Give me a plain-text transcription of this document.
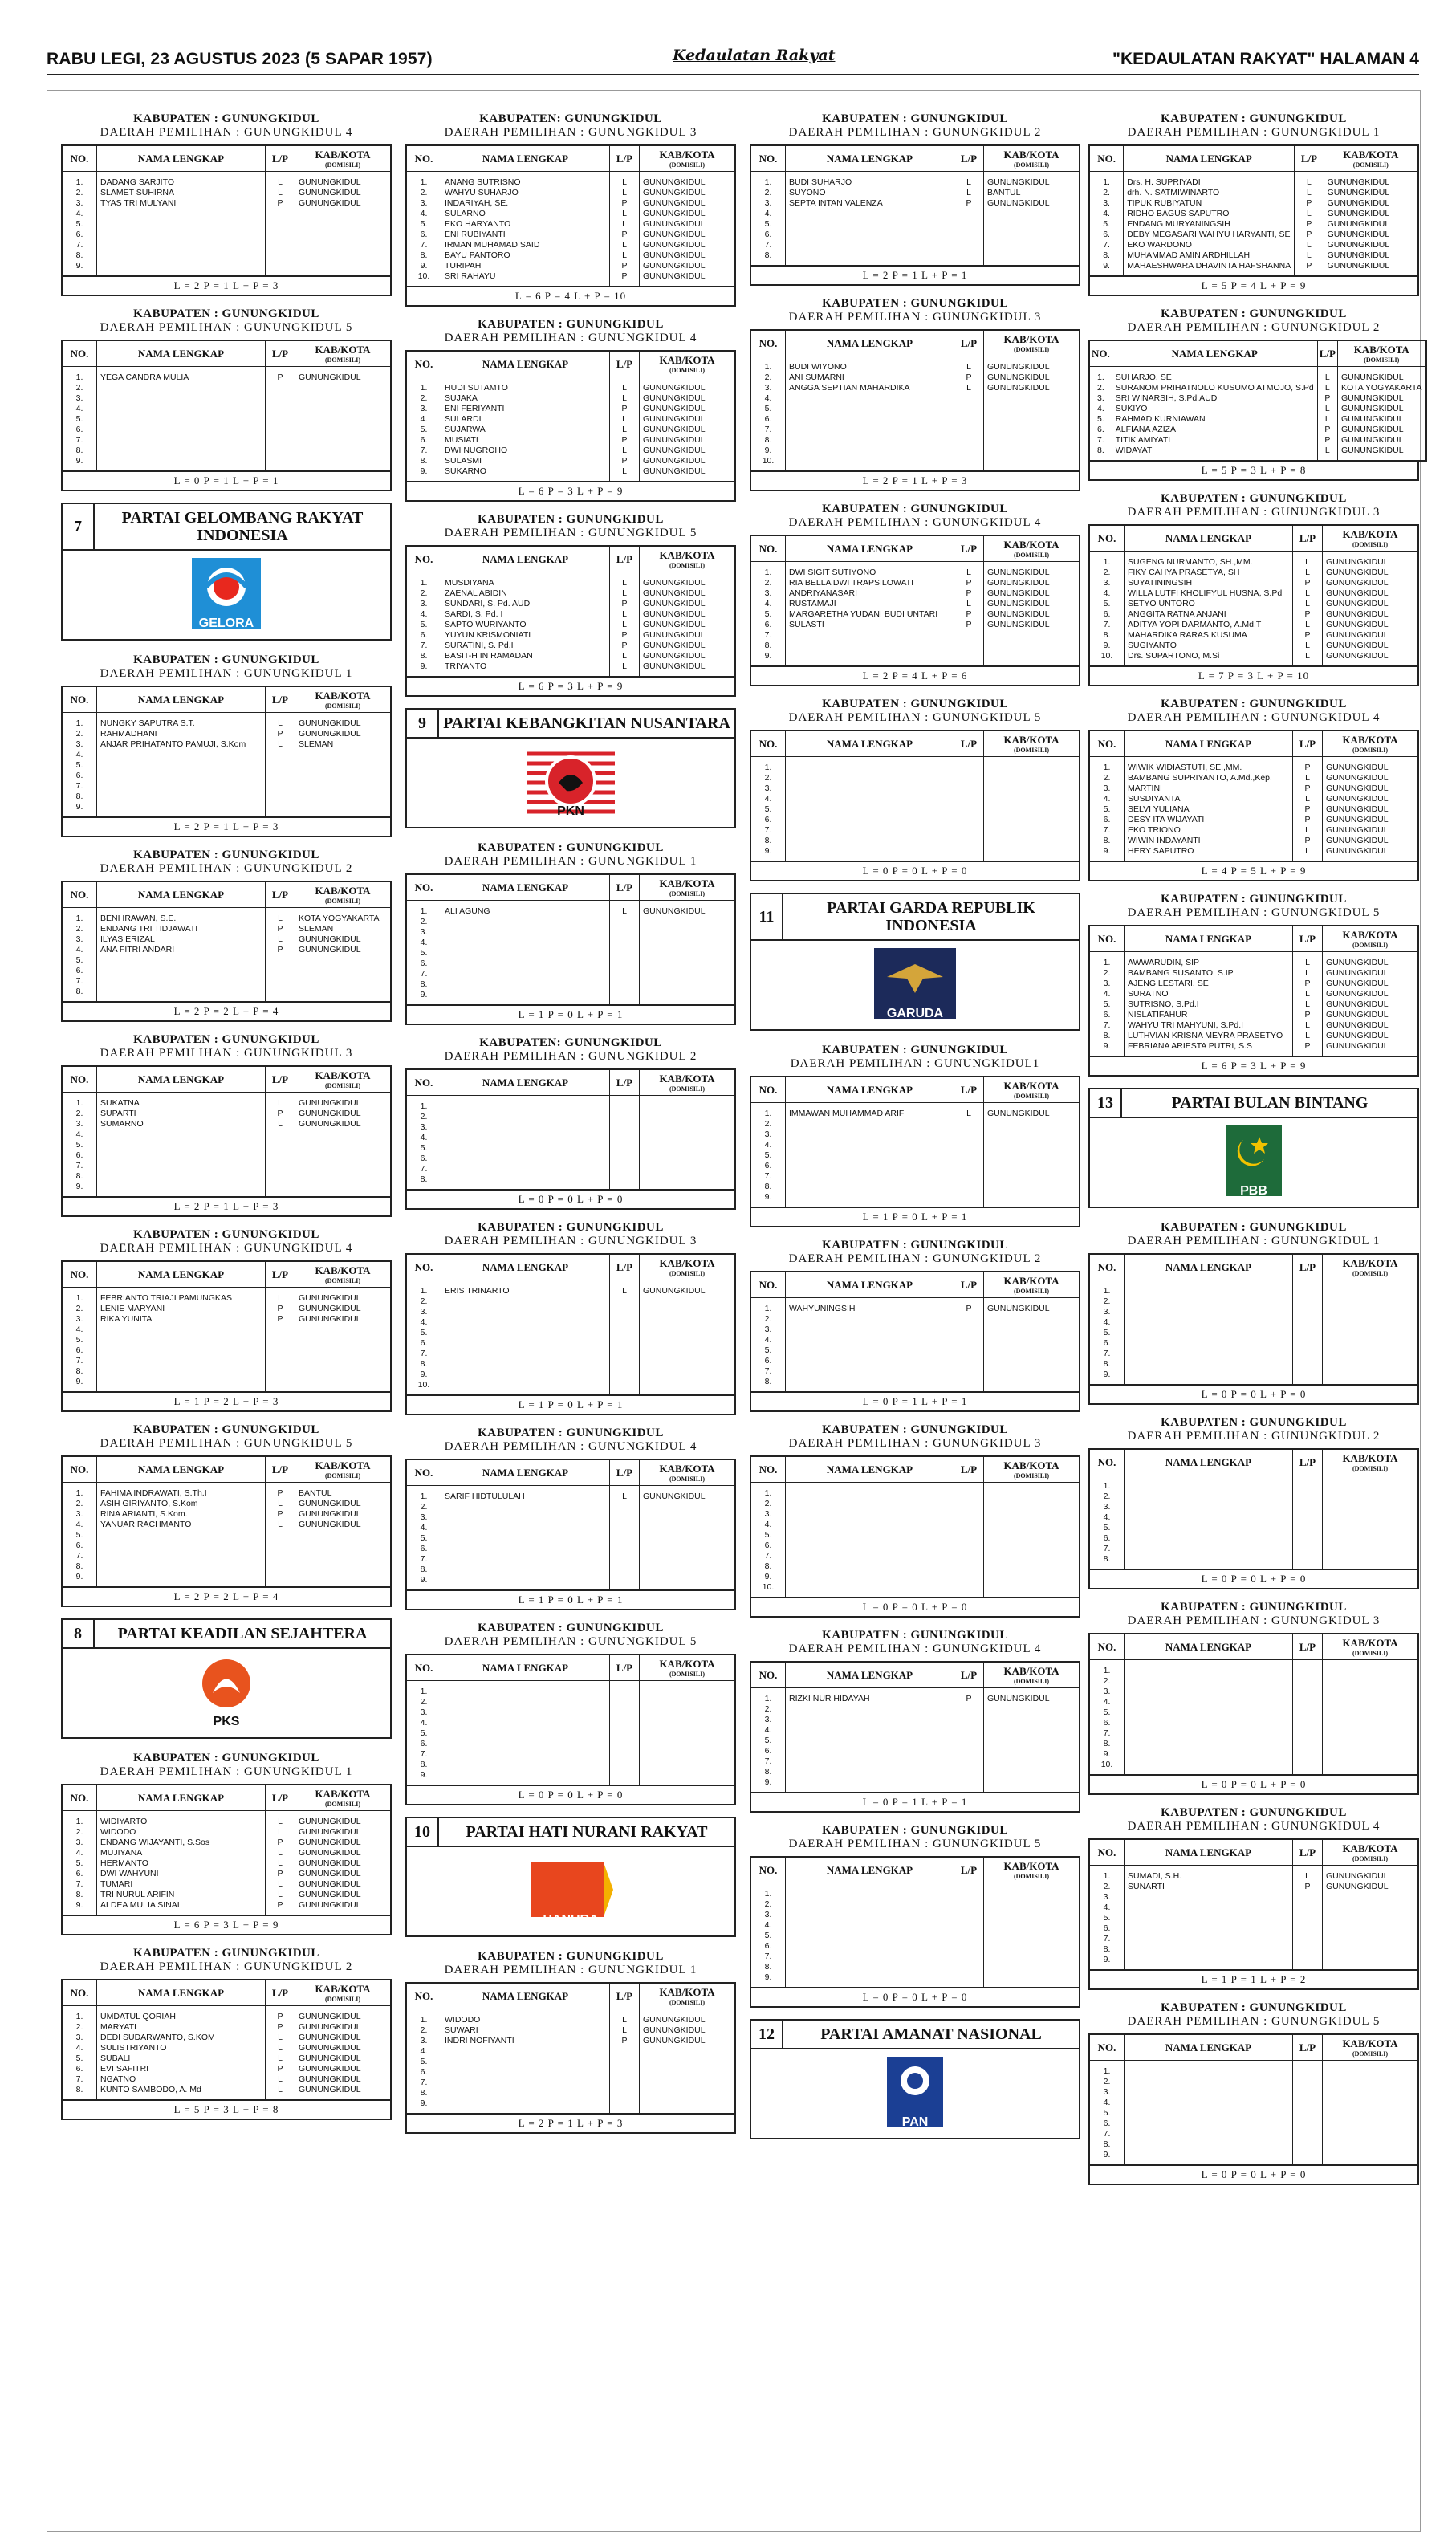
RABU LEGI, 23 AGUSTUS 2023 (5 SAPAR 1957)	Kedaulatan Rakyat	"KEDAULATAN RAKYAT" HALAMAN 4
KABUPATEN : GUNUNGKIDUL
DAERAH PEMILIHAN : GUNUNGKIDUL 4
NO.	NAMA LENGKAP	L/P	KAB/KOTA
(DOMISILI)

1.	DADANG SARJITO	L	GUNUNGKIDUL
2.	SLAMET SUHIRNA	L	GUNUNGKIDUL
3.	TYAS TRI MULYANI	P	GUNUNGKIDUL
4.			
5.			
6.			
7.			
8.			
9.			

L = 2 P = 1 L + P = 3
KABUPATEN : GUNUNGKIDUL
DAERAH PEMILIHAN : GUNUNGKIDUL 5
NO.	NAMA LENGKAP	L/P	KAB/KOTA
(DOMISILI)

1.	YEGA CANDRA MULIA	P	GUNUNGKIDUL
2.			
3.			
4.			
5.			
6.			
7.			
8.			
9.			

L = 0 P = 1 L + P = 1
7	PARTAI GELOMBANG RAKYAT INDONESIA
GELORA
INDONESIA
KABUPATEN : GUNUNGKIDUL
DAERAH PEMILIHAN : GUNUNGKIDUL 1
NO.	NAMA LENGKAP	L/P	KAB/KOTA
(DOMISILI)

1.	NUNGKY SAPUTRA S.T.	L	GUNUNGKIDUL
2.	RAHMADHANI	P	GUNUNGKIDUL
3.	ANJAR PRIHATANTO PAMUJI, S.Kom	L	SLEMAN
4.			
5.			
6.			
7.			
8.			
9.			

L = 2 P = 1 L + P = 3
KABUPATEN : GUNUNGKIDUL
DAERAH PEMILIHAN : GUNUNGKIDUL 2
NO.	NAMA LENGKAP	L/P	KAB/KOTA
(DOMISILI)

1.	BENI IRAWAN, S.E.	L	KOTA YOGYAKARTA
2.	ENDANG TRI TIDJAWATI	P	SLEMAN
3.	ILYAS ERIZAL	L	GUNUNGKIDUL
4.	ANA FITRI ANDARI	P	GUNUNGKIDUL
5.			
6.			
7.			
8.			

L = 2 P = 2 L + P = 4
KABUPATEN : GUNUNGKIDUL
DAERAH PEMILIHAN : GUNUNGKIDUL 3
NO.	NAMA LENGKAP	L/P	KAB/KOTA
(DOMISILI)

1.	SUKATNA	L	GUNUNGKIDUL
2.	SUPARTI	P	GUNUNGKIDUL
3.	SUMARNO	L	GUNUNGKIDUL
4.			
5.			
6.			
7.			
8.			
9.			

L = 2 P = 1 L + P = 3
KABUPATEN : GUNUNGKIDUL
DAERAH PEMILIHAN : GUNUNGKIDUL 4
NO.	NAMA LENGKAP	L/P	KAB/KOTA
(DOMISILI)

1.	FEBRIANTO TRIAJI PAMUNGKAS	L	GUNUNGKIDUL
2.	LENIE MARYANI	P	GUNUNGKIDUL
3.	RIKA YUNITA	P	GUNUNGKIDUL
4.			
5.			
6.			
7.			
8.			
9.			

L = 1 P = 2 L + P = 3
KABUPATEN : GUNUNGKIDUL
DAERAH PEMILIHAN : GUNUNGKIDUL 5
NO.	NAMA LENGKAP	L/P	KAB/KOTA
(DOMISILI)

1.	FAHIMA INDRAWATI, S.Th.I	P	BANTUL
2.	ASIH GIRIYANTO, S.Kom	L	GUNUNGKIDUL
3.	RINA ARIANTI, S.Kom.	P	GUNUNGKIDUL
4.	YANUAR RACHMANTO	L	GUNUNGKIDUL
5.			
6.			
7.			
8.			
9.			

L = 2 P = 2 L + P = 4
8	PARTAI KEADILAN SEJAHTERA
PKS
KABUPATEN : GUNUNGKIDUL
DAERAH PEMILIHAN : GUNUNGKIDUL 1
NO.	NAMA LENGKAP	L/P	KAB/KOTA
(DOMISILI)

1.	WIDIYARTO	L	GUNUNGKIDUL
2.	WIDODO	L	GUNUNGKIDUL
3.	ENDANG WIJAYANTI, S.Sos	P	GUNUNGKIDUL
4.	MUJIYANA	L	GUNUNGKIDUL
5.	HERMANTO	L	GUNUNGKIDUL
6.	DWI WAHYUNI	P	GUNUNGKIDUL
7.	TUMARI	L	GUNUNGKIDUL
8.	TRI NURUL ARIFIN	L	GUNUNGKIDUL
9.	ALDEA MULIA SINAI	P	GUNUNGKIDUL

L = 6 P = 3 L + P = 9
KABUPATEN : GUNUNGKIDUL
DAERAH PEMILIHAN : GUNUNGKIDUL 2
NO.	NAMA LENGKAP	L/P	KAB/KOTA
(DOMISILI)

1.	UMDATUL QORIAH	P	GUNUNGKIDUL
2.	MARYATI	P	GUNUNGKIDUL
3.	DEDI SUDARWANTO, S.KOM	L	GUNUNGKIDUL
4.	SULISTRIYANTO	L	GUNUNGKIDUL
5.	SUBALI	L	GUNUNGKIDUL
6.	EVI SAFITRI	P	GUNUNGKIDUL
7.	NGATNO	L	GUNUNGKIDUL
8.	KUNTO SAMBODO, A. Md	L	GUNUNGKIDUL

L = 5 P = 3 L + P = 8
KABUPATEN: GUNUNGKIDUL
DAERAH PEMILIHAN : GUNUNGKIDUL 3
NO.	NAMA LENGKAP	L/P	KAB/KOTA
(DOMISILI)

1.	ANANG SUTRISNO	L	GUNUNGKIDUL
2.	WAHYU SUHARJO	L	GUNUNGKIDUL
3.	INDARIYAH, SE.	P	GUNUNGKIDUL
4.	SULARNO	L	GUNUNGKIDUL
5.	EKO HARYANTO	L	GUNUNGKIDUL
6.	ENI RUBIYANTI	P	GUNUNGKIDUL
7.	IRMAN MUHAMAD SAID	L	GUNUNGKIDUL
8.	BAYU PANTORO	L	GUNUNGKIDUL
9.	TURIPAH	P	GUNUNGKIDUL
10.	SRI RAHAYU	P	GUNUNGKIDUL

L = 6 P = 4 L + P = 10
KABUPATEN : GUNUNGKIDUL
DAERAH PEMILIHAN : GUNUNGKIDUL 4
NO.	NAMA LENGKAP	L/P	KAB/KOTA
(DOMISILI)

1.	HUDI SUTAMTO	L	GUNUNGKIDUL
2.	SUJAKA	L	GUNUNGKIDUL
3.	ENI FERIYANTI	P	GUNUNGKIDUL
4.	SULARDI	L	GUNUNGKIDUL
5.	SUJARWA	L	GUNUNGKIDUL
6.	MUSIATI	P	GUNUNGKIDUL
7.	DWI NUGROHO	L	GUNUNGKIDUL
8.	SULASMI	P	GUNUNGKIDUL
9.	SUKARNO	L	GUNUNGKIDUL

L = 6 P = 3 L + P = 9
KABUPATEN : GUNUNGKIDUL
DAERAH PEMILIHAN : GUNUNGKIDUL 5
NO.	NAMA LENGKAP	L/P	KAB/KOTA
(DOMISILI)

1.	MUSDIYANA	L	GUNUNGKIDUL
2.	ZAENAL ABIDIN	L	GUNUNGKIDUL
3.	SUNDARI, S. Pd. AUD	P	GUNUNGKIDUL
4.	SARDI, S. Pd. I	L	GUNUNGKIDUL
5.	SAPTO WURIYANTO	L	GUNUNGKIDUL
6.	YUYUN KRISMONIATI	P	GUNUNGKIDUL
7.	SURATINI, S. Pd.I	P	GUNUNGKIDUL
8.	BASIT-H IN RAMADAN	L	GUNUNGKIDUL
9.	TRIYANTO	L	GUNUNGKIDUL

L = 6 P = 3 L + P = 9
9	PARTAI KEBANGKITAN NUSANTARA
PKN
KABUPATEN : GUNUNGKIDUL
DAERAH PEMILIHAN : GUNUNGKIDUL 1
NO.	NAMA LENGKAP	L/P	KAB/KOTA
(DOMISILI)

1.	ALI AGUNG	L	GUNUNGKIDUL
2.			
3.			
4.			
5.			
6.			
7.			
8.			
9.			

L = 1 P = 0 L + P = 1
KABUPATEN: GUNUNGKIDUL
DAERAH PEMILIHAN : GUNUNGKIDUL 2
NO.	NAMA LENGKAP	L/P	KAB/KOTA
(DOMISILI)

1.			
2.			
3.			
4.			
5.			
6.			
7.			
8.			

L = 0 P = 0 L + P = 0
KABUPATEN : GUNUNGKIDUL
DAERAH PEMILIHAN : GUNUNGKIDUL 3
NO.	NAMA LENGKAP	L/P	KAB/KOTA
(DOMISILI)

1.	ERIS TRINARTO	L	GUNUNGKIDUL
2.			
3.			
4.			
5.			
6.			
7.			
8.			
9.			
10.			

L = 1 P = 0 L + P = 1
KABUPATEN : GUNUNGKIDUL
DAERAH PEMILIHAN : GUNUNGKIDUL 4
NO.	NAMA LENGKAP	L/P	KAB/KOTA
(DOMISILI)

1.	SARIF HIDTULULAH	L	GUNUNGKIDUL
2.			
3.			
4.			
5.			
6.			
7.			
8.			
9.			

L = 1 P = 0 L + P = 1
KABUPATEN : GUNUNGKIDUL
DAERAH PEMILIHAN : GUNUNGKIDUL 5
NO.	NAMA LENGKAP	L/P	KAB/KOTA
(DOMISILI)

1.			
2.			
3.			
4.			
5.			
6.			
7.			
8.			
9.			

L = 0 P = 0 L + P = 0
10	PARTAI HATI NURANI RAKYAT
HANURA
PARTAI HATI NURANI RAKYAT
KABUPATEN : GUNUNGKIDUL
DAERAH PEMILIHAN : GUNUNGKIDUL 1
NO.	NAMA LENGKAP	L/P	KAB/KOTA
(DOMISILI)

1.	WIDODO	L	GUNUNGKIDUL
2.	SUWARI	L	GUNUNGKIDUL
3.	INDRI NOFIYANTI	P	GUNUNGKIDUL
4.			
5.			
6.			
7.			
8.			
9.			

L = 2 P = 1 L + P = 3
KABUPATEN : GUNUNGKIDUL
DAERAH PEMILIHAN : GUNUNGKIDUL 2
NO.	NAMA LENGKAP	L/P	KAB/KOTA
(DOMISILI)

1.	BUDI SUHARJO	L	GUNUNGKIDUL
2.	SUYONO	L	BANTUL
3.	SEPTA INTAN VALENZA	P	GUNUNGKIDUL
4.			
5.			
6.			
7.			
8.			

L = 2 P = 1 L + P = 1
KABUPATEN : GUNUNGKIDUL
DAERAH PEMILIHAN : GUNUNGKIDUL 3
NO.	NAMA LENGKAP	L/P	KAB/KOTA
(DOMISILI)

1.	BUDI WIYONO	L	GUNUNGKIDUL
2.	ANI SUMARNI	P	GUNUNGKIDUL
3.	ANGGA SEPTIAN MAHARDIKA	L	GUNUNGKIDUL
4.			
5.			
6.			
7.			
8.			
9.			
10.			

L = 2 P = 1 L + P = 3
KABUPATEN : GUNUNGKIDUL
DAERAH PEMILIHAN : GUNUNGKIDUL 4
NO.	NAMA LENGKAP	L/P	KAB/KOTA
(DOMISILI)

1.	DWI SIGIT SUTIYONO	L	GUNUNGKIDUL
2.	RIA BELLA DWI TRAPSILOWATI	P	GUNUNGKIDUL
3.	ANDRIYANASARI	P	GUNUNGKIDUL
4.	RUSTAMAJI	L	GUNUNGKIDUL
5.	MARGARETHA YUDANI BUDI UNTARI	P	GUNUNGKIDUL
6.	SULASTI	P	GUNUNGKIDUL
7.			
8.			
9.			

L = 2 P = 4 L + P = 6
KABUPATEN : GUNUNGKIDUL
DAERAH PEMILIHAN : GUNUNGKIDUL 5
NO.	NAMA LENGKAP	L/P	KAB/KOTA
(DOMISILI)

1.			
2.			
3.			
4.			
5.			
6.			
7.			
8.			
9.			

L = 0 P = 0 L + P = 0
11	PARTAI GARDA REPUBLIK INDONESIA
GARUDA
PARTAI
KABUPATEN : GUNUNGKIDUL
DAERAH PEMILIHAN : GUNUNGKIDUL1
NO.	NAMA LENGKAP	L/P	KAB/KOTA
(DOMISILI)

1.	IMMAWAN MUHAMMAD ARIF	L	GUNUNGKIDUL
2.			
3.			
4.			
5.			
6.			
7.			
8.			
9.			

L = 1 P = 0 L + P = 1
KABUPATEN : GUNUNGKIDUL
DAERAH PEMILIHAN : GUNUNGKIDUL 2
NO.	NAMA LENGKAP	L/P	KAB/KOTA
(DOMISILI)

1.	WAHYUNINGSIH	P	GUNUNGKIDUL
2.			
3.			
4.			
5.			
6.			
7.			
8.			

L = 0 P = 1 L + P = 1
KABUPATEN : GUNUNGKIDUL
DAERAH PEMILIHAN : GUNUNGKIDUL 3
NO.	NAMA LENGKAP	L/P	KAB/KOTA
(DOMISILI)

1.			
2.			
3.			
4.			
5.			
6.			
7.			
8.			
9.			
10.			

L = 0 P = 0 L + P = 0
KABUPATEN : GUNUNGKIDUL
DAERAH PEMILIHAN : GUNUNGKIDUL 4
NO.	NAMA LENGKAP	L/P	KAB/KOTA
(DOMISILI)

1.	RIZKI NUR HIDAYAH	P	GUNUNGKIDUL
2.			
3.			
4.			
5.			
6.			
7.			
8.			
9.			

L = 0 P = 1 L + P = 1
KABUPATEN : GUNUNGKIDUL
DAERAH PEMILIHAN : GUNUNGKIDUL 5
NO.	NAMA LENGKAP	L/P	KAB/KOTA
(DOMISILI)

1.			
2.			
3.			
4.			
5.			
6.			
7.			
8.			
9.			

L = 0 P = 0 L + P = 0
12	PARTAI AMANAT NASIONAL
PAN
KABUPATEN : GUNUNGKIDUL
DAERAH PEMILIHAN : GUNUNGKIDUL 1
NO.	NAMA LENGKAP	L/P	KAB/KOTA
(DOMISILI)

1.	Drs. H. SUPRIYADI	L	GUNUNGKIDUL
2.	drh. N. SATMIWINARTO	L	GUNUNGKIDUL
3.	TIPUK RUBIYATUN	P	GUNUNGKIDUL
4.	RIDHO BAGUS SAPUTRO	L	GUNUNGKIDUL
5.	ENDANG MURYANINGSIH	P	GUNUNGKIDUL
6.	DEBY MEGASARI WAHYU HARYANTI, SE	P	GUNUNGKIDUL
7.	EKO WARDONO	L	GUNUNGKIDUL
8.	MUHAMMAD AMIN ARDHILLAH	L	GUNUNGKIDUL
9.	MAHAESHWARA DHAVINTA HAFSHANNA	P	GUNUNGKIDUL

L = 5 P = 4 L + P = 9
KABUPATEN : GUNUNGKIDUL
DAERAH PEMILIHAN : GUNUNGKIDUL 2
NO.	NAMA LENGKAP	L/P	KAB/KOTA
(DOMISILI)

1.	SUHARJO, SE	L	GUNUNGKIDUL
2.	SURANOM PRIHATNOLO KUSUMO ATMOJO, S.Pd	L	KOTA YOGYAKARTA
3.	SRI WINARSIH, S.Pd.AUD	P	GUNUNGKIDUL
4.	SUKIYO	L	GUNUNGKIDUL
5.	RAHMAD KURNIAWAN	L	GUNUNGKIDUL
6.	ALFIANA AZIZA	P	GUNUNGKIDUL
7.	TITIK AMIYATI	P	GUNUNGKIDUL
8.	WIDAYAT	L	GUNUNGKIDUL

L = 5 P = 3 L + P = 8
KABUPATEN : GUNUNGKIDUL
DAERAH PEMILIHAN : GUNUNGKIDUL 3
NO.	NAMA LENGKAP	L/P	KAB/KOTA
(DOMISILI)

1.	SUGENG NURMANTO, SH.,MM.	L	GUNUNGKIDUL
2.	FIKY CAHYA PRASETYA, SH	L	GUNUNGKIDUL
3.	SUYATININGSIH	P	GUNUNGKIDUL
4.	WILLA LUTFI KHOLIFYUL HUSNA, S.Pd	L	GUNUNGKIDUL
5.	SETYO UNTORO	L	GUNUNGKIDUL
6.	ANGGITA RATNA ANJANI	P	GUNUNGKIDUL
7.	ADITYA YOPI DARMANTO, A.Md.T	L	GUNUNGKIDUL
8.	MAHARDIKA RARAS KUSUMA	P	GUNUNGKIDUL
9.	SUGIYANTO	L	GUNUNGKIDUL
10.	Drs. SUPARTONO, M.Si	L	GUNUNGKIDUL

L = 7 P = 3 L + P = 10
KABUPATEN : GUNUNGKIDUL
DAERAH PEMILIHAN : GUNUNGKIDUL 4
NO.	NAMA LENGKAP	L/P	KAB/KOTA
(DOMISILI)

1.	WIWIK WIDIASTUTI, SE.,MM.	P	GUNUNGKIDUL
2.	BAMBANG SUPRIYANTO, A.Md.,Kep.	L	GUNUNGKIDUL
3.	MARTINI	P	GUNUNGKIDUL
4.	SUSDIYANTA	L	GUNUNGKIDUL
5.	SELVI YULIANA	P	GUNUNGKIDUL
6.	DESY ITA WIJAYATI	P	GUNUNGKIDUL
7.	EKO TRIONO	L	GUNUNGKIDUL
8.	WIWIN INDAYANTI	P	GUNUNGKIDUL
9.	HERY SAPUTRO	L	GUNUNGKIDUL

L = 4 P = 5 L + P = 9
KABUPATEN : GUNUNGKIDUL
DAERAH PEMILIHAN : GUNUNGKIDUL 5
NO.	NAMA LENGKAP	L/P	KAB/KOTA
(DOMISILI)

1.	AWWARUDIN, SIP	L	GUNUNGKIDUL
2.	BAMBANG SUSANTO, S.IP	L	GUNUNGKIDUL
3.	AJENG LESTARI, SE	P	GUNUNGKIDUL
4.	SURATNO	L	GUNUNGKIDUL
5.	SUTRISNO, S.Pd.I	L	GUNUNGKIDUL
6.	NISLATIFAHUR	P	GUNUNGKIDUL
7.	WAHYU TRI MAHYUNI, S.Pd.I	L	GUNUNGKIDUL
8.	LUTHVIAN KRISNA MEYRA PRASETYO	L	GUNUNGKIDUL
9.	FEBRIANA ARIESTA PUTRI, S.S	P	GUNUNGKIDUL

L = 6 P = 3 L + P = 9
13	PARTAI BULAN BINTANG
PBB
PARTAI BULAN BINTANG
KABUPATEN : GUNUNGKIDUL
DAERAH PEMILIHAN : GUNUNGKIDUL 1
NO.	NAMA LENGKAP	L/P	KAB/KOTA
(DOMISILI)

1.			
2.			
3.			
4.			
5.			
6.			
7.			
8.			
9.			

L = 0 P = 0 L + P = 0
KABUPATEN : GUNUNGKIDUL
DAERAH PEMILIHAN : GUNUNGKIDUL 2
NO.	NAMA LENGKAP	L/P	KAB/KOTA
(DOMISILI)

1.			
2.			
3.			
4.			
5.			
6.			
7.			
8.			

L = 0 P = 0 L + P = 0
KABUPATEN : GUNUNGKIDUL
DAERAH PEMILIHAN : GUNUNGKIDUL 3
NO.	NAMA LENGKAP	L/P	KAB/KOTA
(DOMISILI)

1.			
2.			
3.			
4.			
5.			
6.			
7.			
8.			
9.			
10.			

L = 0 P = 0 L + P = 0
KABUPATEN : GUNUNGKIDUL
DAERAH PEMILIHAN : GUNUNGKIDUL 4
NO.	NAMA LENGKAP	L/P	KAB/KOTA
(DOMISILI)

1.	SUMADI, S.H.	L	GUNUNGKIDUL
2.	SUNARTI	P	GUNUNGKIDUL
3.			
4.			
5.			
6.			
7.			
8.			
9.			

L = 1 P = 1 L + P = 2
KABUPATEN : GUNUNGKIDUL
DAERAH PEMILIHAN : GUNUNGKIDUL 5
NO.	NAMA LENGKAP	L/P	KAB/KOTA
(DOMISILI)

1.			
2.			
3.			
4.			
5.			
6.			
7.			
8.			
9.			

L = 0 P = 0 L + P = 0
